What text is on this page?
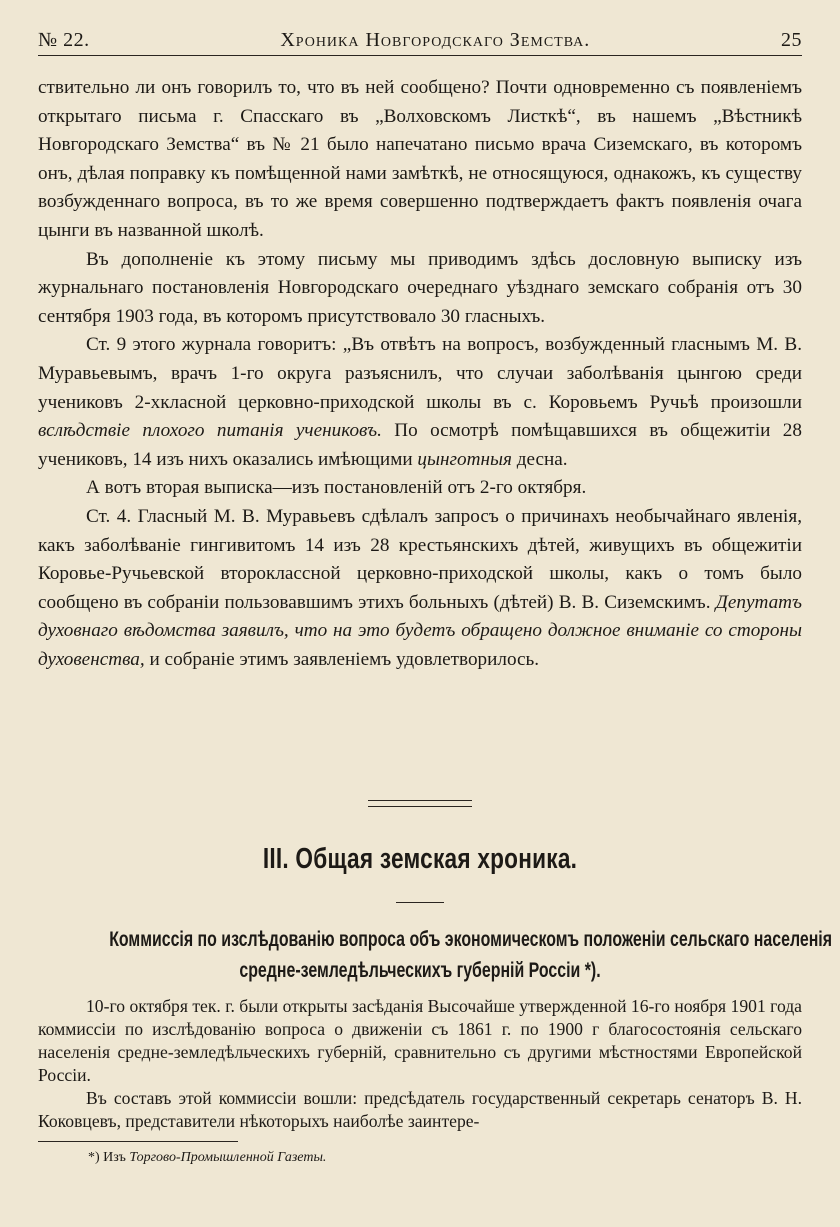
№ 22.	Хроника Новгородскаго Земства.	25

ствительно ли онъ говорилъ то, что въ ней сообщено? Почти одновременно съ появленіемъ открытаго письма г. Спасскаго въ „Волховскомъ Листкѣ“, въ нашемъ „Вѣстникѣ Новгородскаго Земства“ въ № 21 было напечатано письмо врача Сиземскаго, въ которомъ онъ, дѣлая поправку къ помѣщенной нами замѣткѣ, не относящуюся, однакожъ, къ существу возбужденнаго вопроса, въ то же время совершенно подтверждаетъ фактъ появленія очага цынги въ названной школѣ.

Въ дополненіе къ этому письму мы приводимъ здѣсь дословную выписку изъ журнальнаго постановленія Новгородскаго очереднаго уѣзднаго земскаго собранія отъ 30 сентября 1903 года, въ которомъ присутствовало 30 гласныхъ.

Ст. 9 этого журнала говоритъ: „Въ отвѣтъ на вопросъ, возбужденный гласнымъ М. В. Муравьевымъ, врачъ 1-го округа разъяснилъ, что случаи заболѣванія цынгою среди учениковъ 2-хкласной церковно-приходской школы въ с. Коровьемъ Ручьѣ произошли вслѣдствіе плохого питанія учениковъ. По осмотрѣ помѣщавшихся въ общежитіи 28 учениковъ, 14 изъ нихъ оказались имѣющими цынготныя десна.

А вотъ вторая выписка—изъ постановленій отъ 2-го октября.

Ст. 4. Гласный М. В. Муравьевъ сдѣлалъ запросъ о причинахъ необычайнаго явленія, какъ заболѣваніе гингивитомъ 14 изъ 28 крестьянскихъ дѣтей, живущихъ въ общежитіи Коровье-Ручьевской второклассной церковно-приходской школы, какъ о томъ было сообщено въ собраніи пользовавшимъ этихъ больныхъ (дѣтей) В. В. Сиземскимъ. Депутатъ духовнаго вѣдомства заявилъ, что на это будетъ обращено должное вниманіе со стороны духовенства, и собраніе этимъ заявленіемъ удовлетворилось.

III. Общая земская хроника.
Коммиссія по изслѣдованію вопроса объ экономическомъ положеніи сельскаго населенія
средне-земледѣльческихъ губерній Россіи *).

10-го октября тек. г. были открыты засѣданія Высочайше утвержденной 16-го ноября 1901 года коммиссіи по изслѣдованію вопроса о движеніи съ 1861 г. по 1900 г благосостоянія сельскаго населенія средне-земледѣльческихъ губерній, сравнительно съ другими мѣстностями Европейской Россіи.

Въ составъ этой коммиссіи вошли: предсѣдатель государственный секретарь сенаторъ В. Н. Коковцевъ, представители нѣкоторыхъ наиболѣе заинтере-

*) Изъ Торгово-Промышленной Газеты.
